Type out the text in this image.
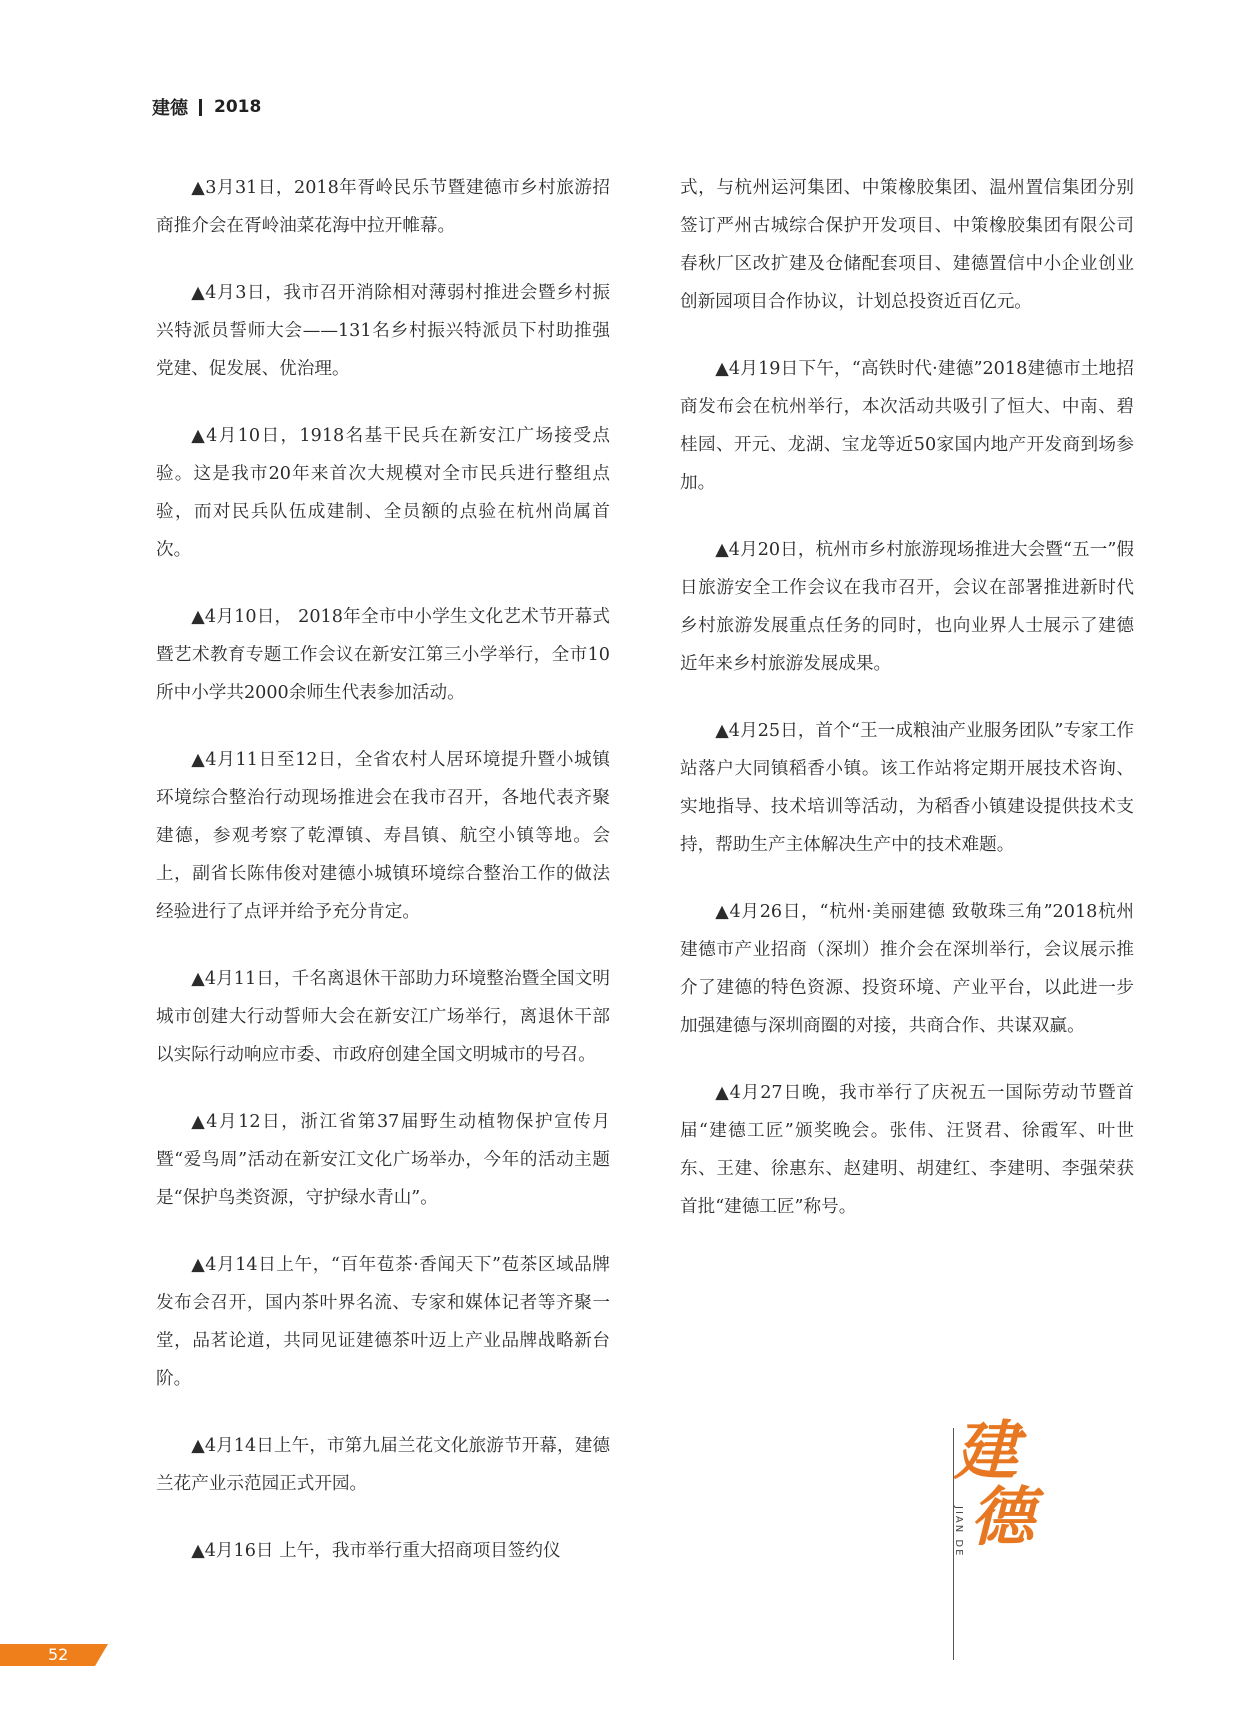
建德 2018

▲3月31日，2018年胥岭民乐节暨建德市乡村旅游招商推介会在胥岭油菜花海中拉开帷幕。

▲4月3日，我市召开消除相对薄弱村推进会暨乡村振兴特派员誓师大会——131名乡村振兴特派员下村助推强党建、促发展、优治理。

▲4月10日，1918名基干民兵在新安江广场接受点验。这是我市20年来首次大规模对全市民兵进行整组点验，而对民兵队伍成建制、全员额的点验在杭州尚属首次。

▲4月10日， 2018年全市中小学生文化艺术节开幕式暨艺术教育专题工作会议在新安江第三小学举行，全市10所中小学共2000余师生代表参加活动。

▲4月11日至12日，全省农村人居环境提升暨小城镇环境综合整治行动现场推进会在我市召开，各地代表齐聚建德，参观考察了乾潭镇、寿昌镇、航空小镇等地。会上，副省长陈伟俊对建德小城镇环境综合整治工作的做法经验进行了点评并给予充分肯定。

▲4月11日，千名离退休干部助力环境整治暨全国文明城市创建大行动誓师大会在新安江广场举行，离退休干部以实际行动响应市委、市政府创建全国文明城市的号召。

▲4月12日，浙江省第37届野生动植物保护宣传月暨“爱鸟周”活动在新安江文化广场举办，今年的活动主题是“保护鸟类资源，守护绿水青山”。

▲4月14日上午，“百年苞茶·香闻天下”苞茶区域品牌发布会召开，国内茶叶界名流、专家和媒体记者等齐聚一堂，品茗论道，共同见证建德茶叶迈上产业品牌战略新台阶。

▲4月14日上午，市第九届兰花文化旅游节开幕，建德兰花产业示范园正式开园。

▲4月16日 上午，我市举行重大招商项目签约仪

式，与杭州运河集团、中策橡胶集团、温州置信集团分别签订严州古城综合保护开发项目、中策橡胶集团有限公司春秋厂区改扩建及仓储配套项目、建德置信中小企业创业创新园项目合作协议，计划总投资近百亿元。

▲4月19日下午，“高铁时代·建德”2018建德市土地招商发布会在杭州举行，本次活动共吸引了恒大、中南、碧桂园、开元、龙湖、宝龙等近50家国内地产开发商到场参加。

▲4月20日，杭州市乡村旅游现场推进大会暨“五一”假日旅游安全工作会议在我市召开，会议在部署推进新时代乡村旅游发展重点任务的同时，也向业界人士展示了建德近年来乡村旅游发展成果。

▲4月25日，首个“王一成粮油产业服务团队”专家工作站落户大同镇稻香小镇。该工作站将定期开展技术咨询、实地指导、技术培训等活动，为稻香小镇建设提供技术支持，帮助生产主体解决生产中的技术难题。

▲4月26日，“杭州·美丽建德 致敬珠三角”2018杭州建德市产业招商（深圳）推介会在深圳举行，会议展示推介了建德的特色资源、投资环境、产业平台，以此进一步加强建德与深圳商圈的对接，共商合作、共谋双赢。

▲4月27日晚，我市举行了庆祝五一国际劳动节暨首届“建德工匠”颁奖晚会。张伟、汪贤君、徐霞军、叶世东、王建、徐惠东、赵建明、胡建红、李建明、李强荣获首批“建德工匠”称号。

建
德
JIAN DE
52
